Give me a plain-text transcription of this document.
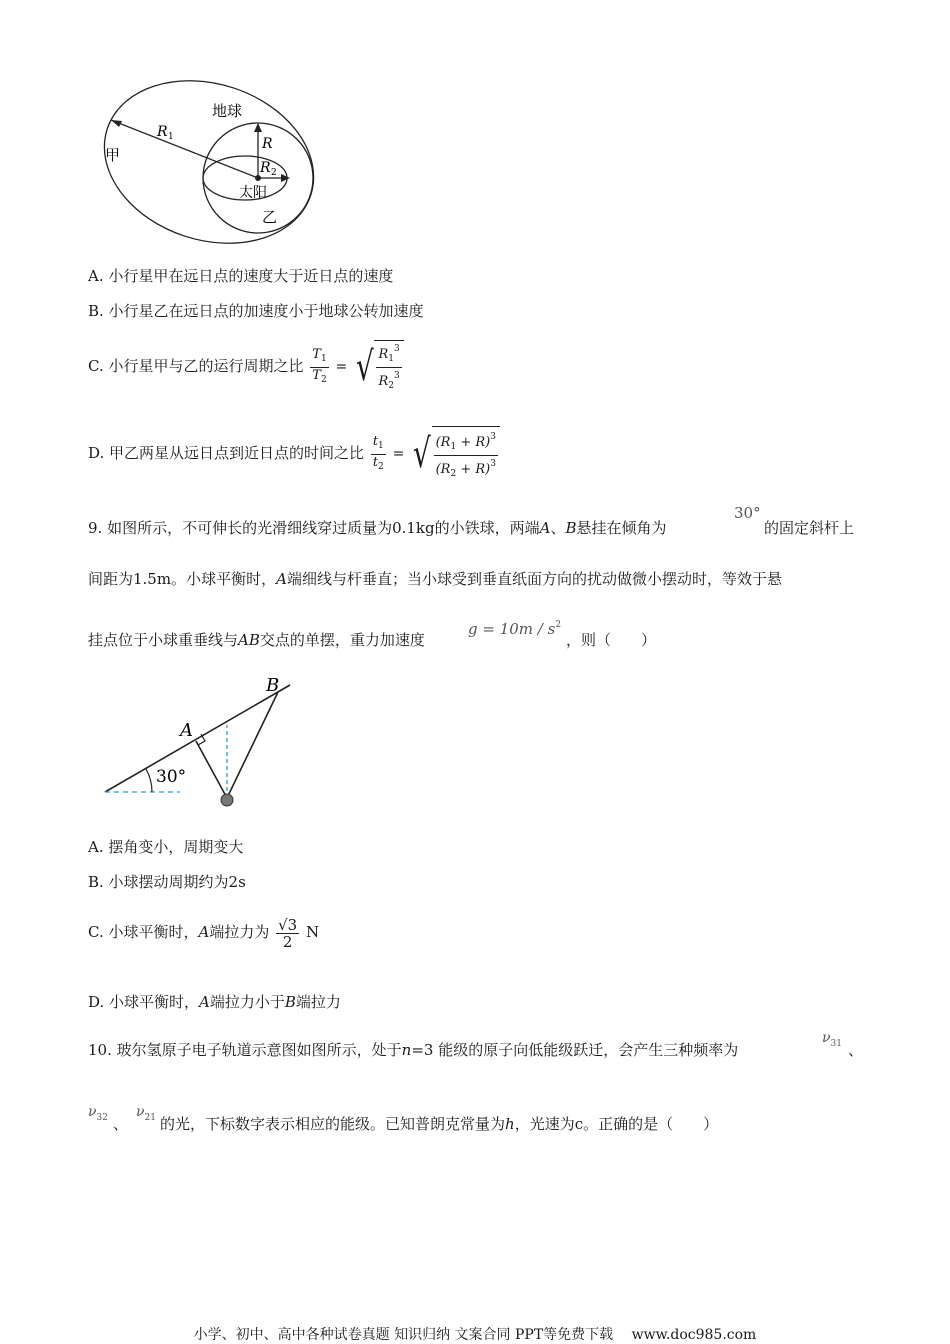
地球
甲
乙
太阳
R 1	R
R 2
A. 小行星甲在远日点的速度大于近日点的速度
B. 小行星乙在远日点的加速度小于地球公转加速度
C. 小行星甲与乙的运行周期之比 $\frac{T_1}{T_2}$ = √ $\frac{R_1^3}{R_2^3}$
D. 甲乙两星从远日点到近日点的时间之比 $\frac{t_1}{t_2}$ = √ $\frac{(R_1 + R)^3}{(R_2 + R)^3}$
9. 如图所示，不可伸长的光滑细线穿过质量为0.1kg的小铁球，两端A、B悬挂在倾角为
30°
的固定斜杆上
间距为1.5m。小球平衡时，A端细线与杆垂直；当小球受到垂直纸面方向的扰动做微小摆动时，等效于悬
挂点位于小球重垂线与AB交点的单摆，重力加速度
$g = 10m / s^2$
，则（　　）
A
B
30°
A. 摆角变小，周期变大
B. 小球摆动周期约为2s
C. 小球平衡时，A端拉力为 $\frac{√3}{2}$ N
D. 小球平衡时，A端拉力小于B端拉力
10. 玻尔氢原子电子轨道示意图如图所示，处于n=3 能级的原子向低能级跃迁，会产生三种频率为
$\nu_{31}$ 、
$\nu_{32}$ 、
$\nu_{21}$ 的光，下标数字表示相应的能级。已知普朗克常量为h，光速为c。正确的是（　　）
小学、初中、高中各种试卷真题 知识归纳 文案合同 PPT等免费下载　 www.doc985.com
